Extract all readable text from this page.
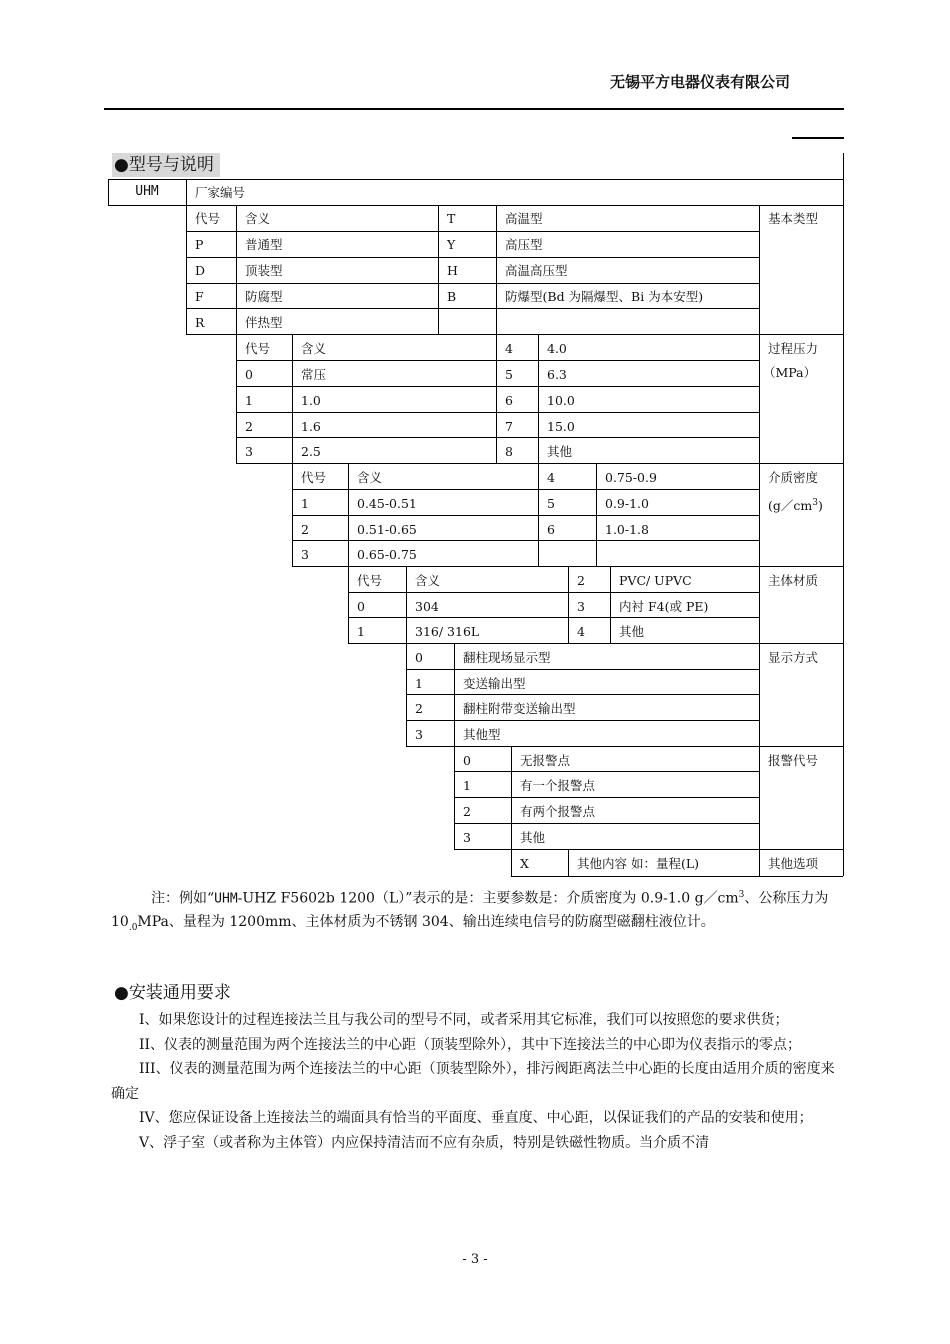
无锡平方电器仪表有限公司
●型号与说明
UHM	厂家编号
代号	含义	T	高温型	基本类型
P	普通型	Y	高压型
D	顶装型	H	高温高压型
F	防腐型	B	防爆型(Bd 为隔爆型、Bi 为本安型)
R	伴热型
代号	含义	4	4.0	过程压力
（MPa）
0	常压	5	6.3
1	1.0	6	10.0
2	1.6	7	15.0
3	2.5	8	其他
代号	含义	4	0.75-0.9	介质密度
$(g/cm^3)$
1	0.45-0.51	5	0.9-1.0
2	0.51-0.65	6	1.0-1.8
3	0.65-0.75
代号	含义	2	PVC/ UPVC	主体材质
0	304	3	内衬 F4(或 PE)
1	316/ 316L	4	其他
显示方式
0	翻柱现场显示型
1	变送输出型
2	翻柱附带变送输出型
3	其他型
报警代号
0	无报警点
1	有一个报警点
2	有两个报警点
3	其他
X	其他内容 如：量程(L)	其他选项

注：例如“UHM-UHZ F5602b 1200（L）”表示的是：主要参数是：介质密度为 0.9-1.0 $g/cm^3$、公称压力为 $10_{.0}MPa$、量程为 1200mm、主体材质为不锈钢 304、输出连续电信号的防腐型磁翻柱液位计。

●安装通用要求

I、如果您设计的过程连接法兰且与我公司的型号不同，或者采用其它标准，我们可以按照您的要求供货；

II、仪表的测量范围为两个连接法兰的中心距（顶装型除外），其中下连接法兰的中心即为仪表指示的零点；

III、仪表的测量范围为两个连接法兰的中心距（顶装型除外），排污阀距离法兰中心距的长度由适用介质的密度来确定

IV、您应保证设备上连接法兰的端面具有恰当的平面度、垂直度、中心距，以保证我们的产品的安装和使用；

V、浮子室（或者称为主体管）内应保持清洁而不应有杂质，特别是铁磁性物质。当介质不清

- 3 -
